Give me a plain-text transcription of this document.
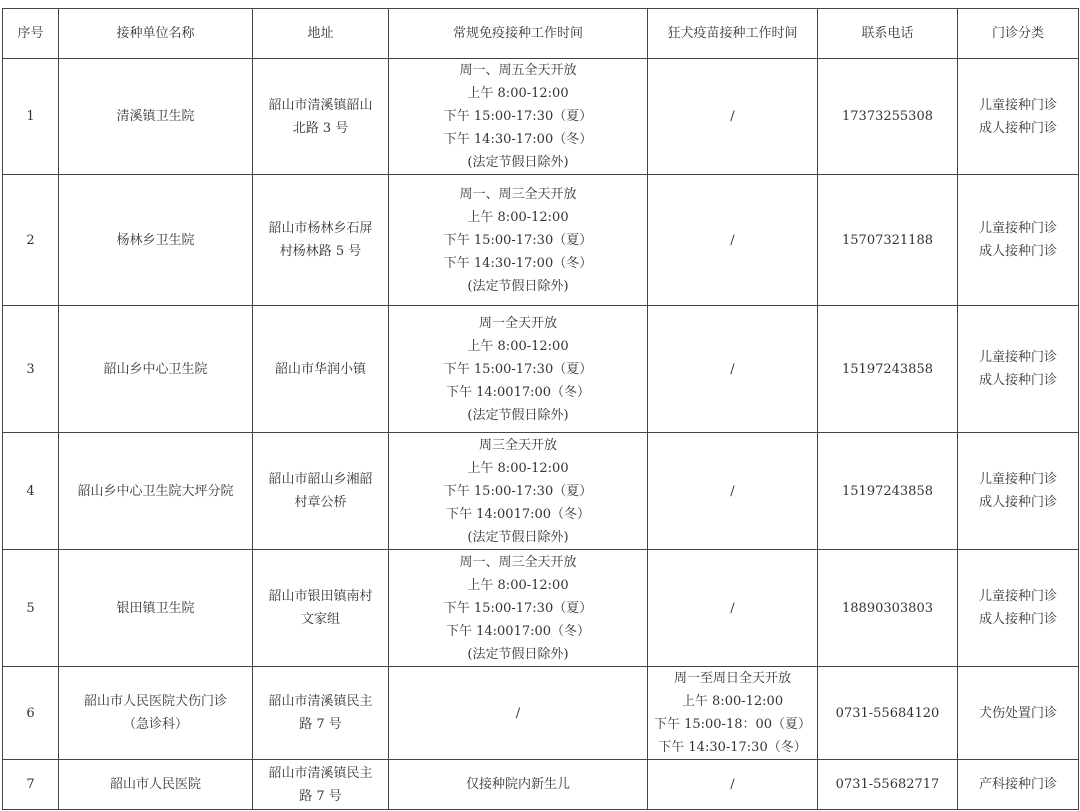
序号	接种单位名称	地址	常规免疫接种工作时间	狂犬疫苗接种工作时间	联系电话	门诊分类
1	清溪镇卫生院	韶山市清溪镇韶山
北路 3 号	周一、周五全天开放
上午 8:00-12:00
下午 15:00-17:30（夏）
下午 14:30-17:00（冬）
(法定节假日除外)	/	17373255308	儿童接种门诊
成人接种门诊

2	杨林乡卫生院	韶山市杨林乡石屏
村杨林路 5 号	周一、周三全天开放
上午 8:00-12:00
下午 15:00-17:30（夏）
下午 14:30-17:00（冬）
(法定节假日除外)	/	15707321188	儿童接种门诊
成人接种门诊

3	韶山乡中心卫生院	韶山市华润小镇	周一全天开放
上午 8:00-12:00
下午 15:00-17:30（夏）
下午 14:0017:00（冬）
(法定节假日除外)	/	15197243858	儿童接种门诊
成人接种门诊

4	韶山乡中心卫生院大坪分院	韶山市韶山乡湘韶
村章公桥	周三全天开放
上午 8:00-12:00
下午 15:00-17:30（夏）
下午 14:0017:00（冬）
(法定节假日除外)	/	15197243858	儿童接种门诊
成人接种门诊

5	银田镇卫生院	韶山市银田镇南村
文家组	周一、周三全天开放
上午 8:00-12:00
下午 15:00-17:30（夏）
下午 14:0017:00（冬）
(法定节假日除外)	/	18890303803	儿童接种门诊
成人接种门诊

6	韶山市人民医院犬伤门诊
（急诊科）	韶山市清溪镇民主
路 7 号	/	周一至周日全天开放
上午 8:00-12:00
下午 15:00-18：00（夏）
下午 14:30-17:30（冬）	0731-55684120	犬伤处置门诊

7	韶山市人民医院	韶山市清溪镇民主
路 7 号	仅接种院内新生儿	/	0731-55682717	产科接种门诊
